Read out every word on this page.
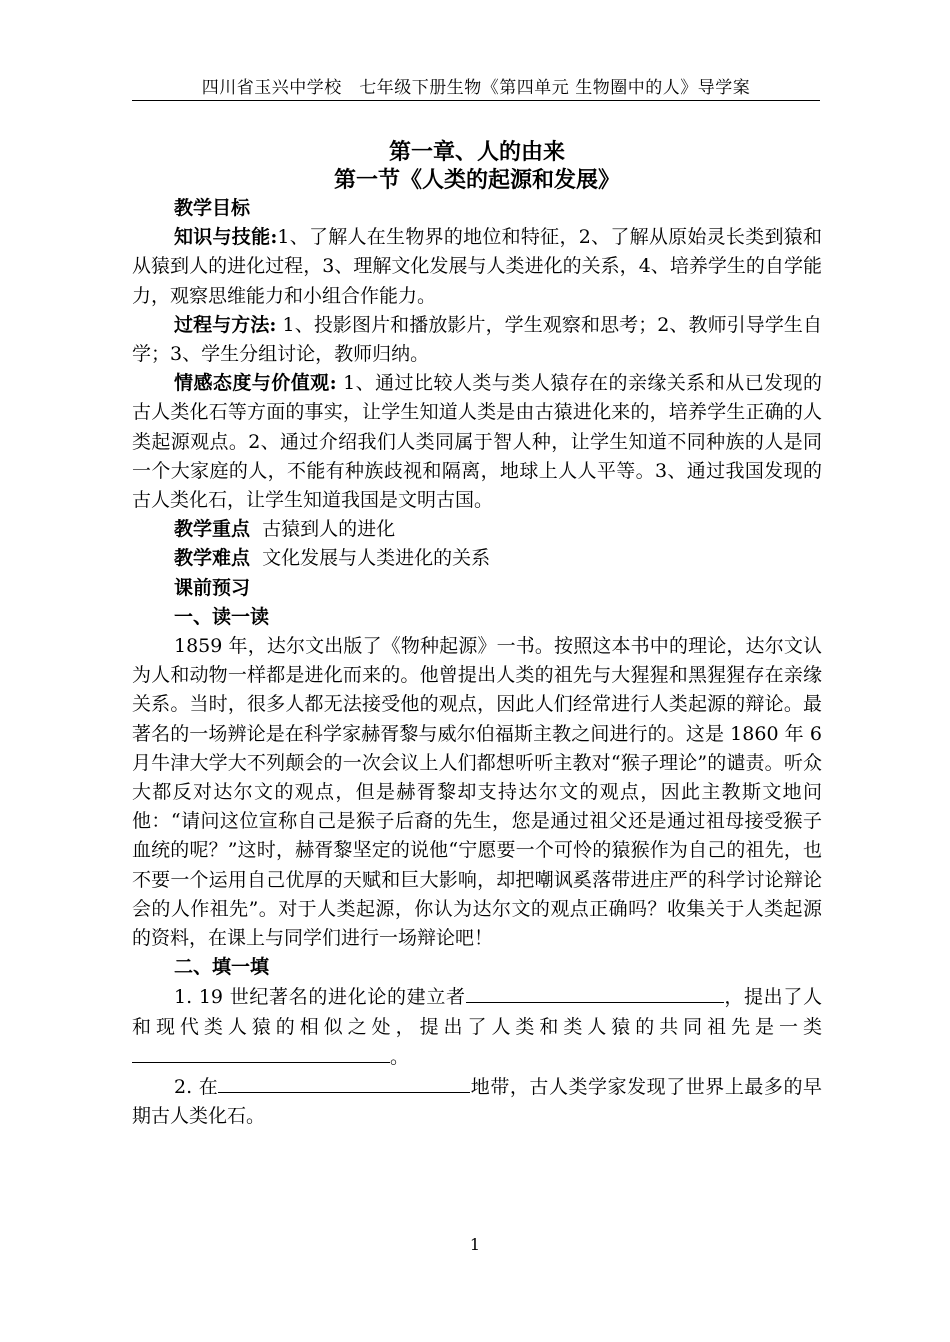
四川省玉兴中学校　七年级下册生物《第四单元 生物圈中的人》导学案

第一章、人的由来

第一节《人类的起源和发展》

教学目标

知识与技能:1、了解人在生物界的地位和特征，2、了解从原始灵长类到猿和从猿到人的进化过程，3、理解文化发展与人类进化的关系，4、培养学生的自学能力，观察思维能力和小组合作能力。

过程与方法: 1、投影图片和播放影片，学生观察和思考；2、教师引导学生自学；3、学生分组讨论，教师归纳。

情感态度与价值观: 1、通过比较人类与类人猿存在的亲缘关系和从已发现的古人类化石等方面的事实，让学生知道人类是由古猿进化来的，培养学生正确的人类起源观点。2、通过介绍我们人类同属于智人种，让学生知道不同种族的人是同一个大家庭的人，不能有种族歧视和隔离，地球上人人平等。3、通过我国发现的古人类化石，让学生知道我国是文明古国。

教学重点 古猿到人的进化

教学难点 文化发展与人类进化的关系

课前预习

一、读一读

1859 年，达尔文出版了《物种起源》一书。按照这本书中的理论，达尔文认为人和动物一样都是进化而来的。他曾提出人类的祖先与大猩猩和黑猩猩存在亲缘关系。当时，很多人都无法接受他的观点，因此人们经常进行人类起源的辩论。最著名的一场辨论是在科学家赫胥黎与威尔伯福斯主教之间进行的。这是 1860 年 6 月牛津大学大不列颠会的一次会议上人们都想听听主教对“猴子理论”的谴责。听众大都反对达尔文的观点，但是赫胥黎却支持达尔文的观点，因此主教斯文地问他：“请问这位宣称自己是猴子后裔的先生，您是通过祖父还是通过祖母接受猴子血统的呢？”这时，赫胥黎坚定的说他“宁愿要一个可怜的猿猴作为自己的祖先，也不要一个运用自己优厚的天赋和巨大影响，却把嘲讽奚落带进庄严的科学讨论辩论会的人作祖先”。对于人类起源，你认为达尔文的观点正确吗？收集关于人类起源的资料，在课上与同学们进行一场辩论吧！

二、填一填

1. 19 世纪著名的进化论的建立者	，提出了人和现代类人猿的相似之处，提出了人类和类人猿的共同祖先是一类。

2. 在	地带，古人类学家发现了世界上最多的早期古人类化石。

1
